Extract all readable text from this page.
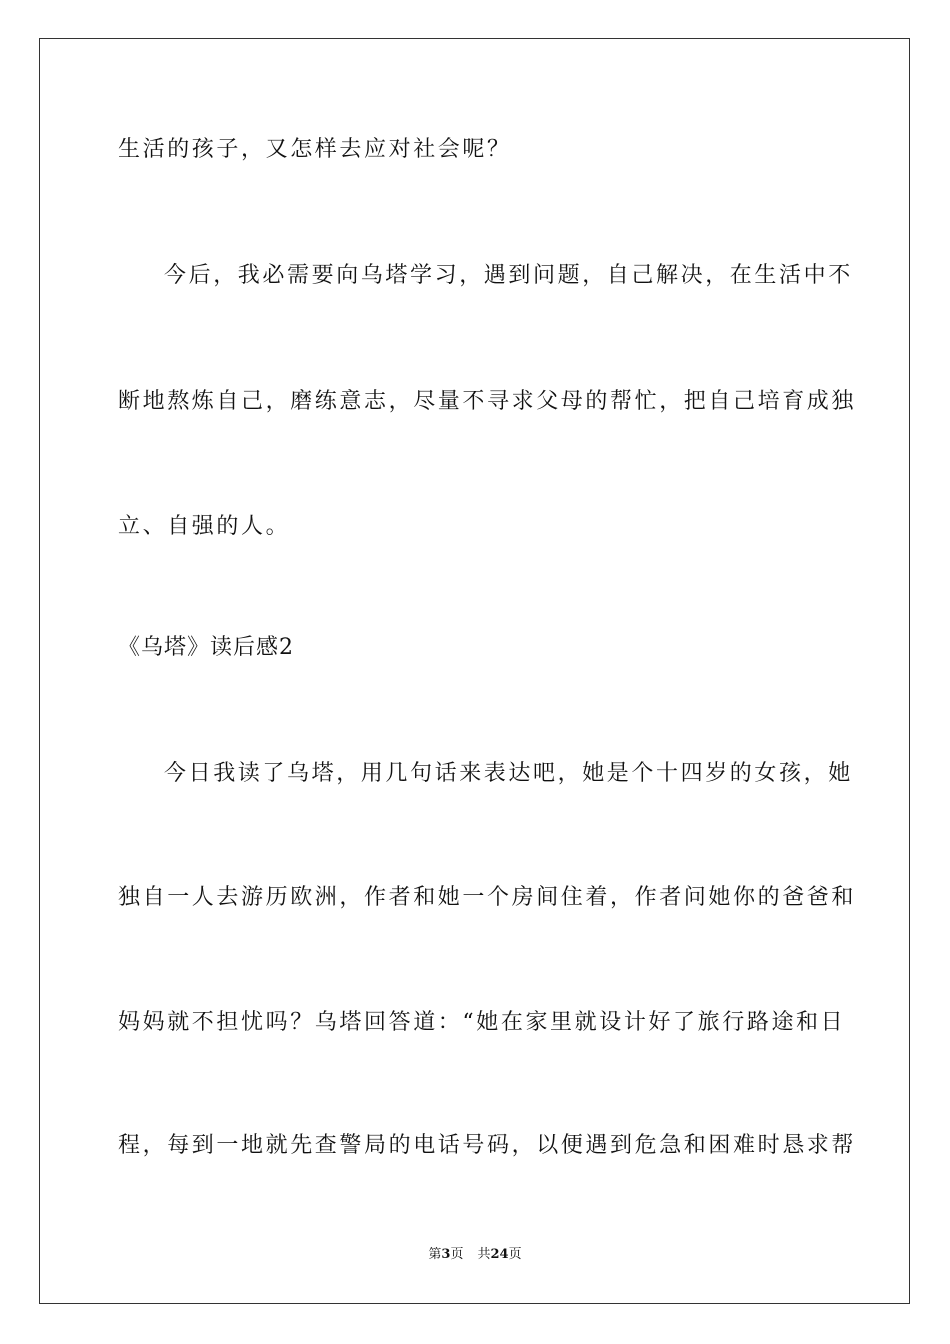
生活的孩子，又怎样去应对社会呢？
今后，我必需要向乌塔学习，遇到问题，自己解决，在生活中不
断地熬炼自己，磨练意志，尽量不寻求父母的帮忙，把自己培育成独
立、自强的人。
《乌塔》读后感2
今日我读了乌塔，用几句话来表达吧，她是个十四岁的女孩，她
独自一人去游历欧洲，作者和她一个房间住着，作者问她你的爸爸和
妈妈就不担忧吗？乌塔回答道：“她在家里就设计好了旅行路途和日
程，每到一地就先查警局的电话号码，以便遇到危急和困难时恳求帮
第3页 共24页
